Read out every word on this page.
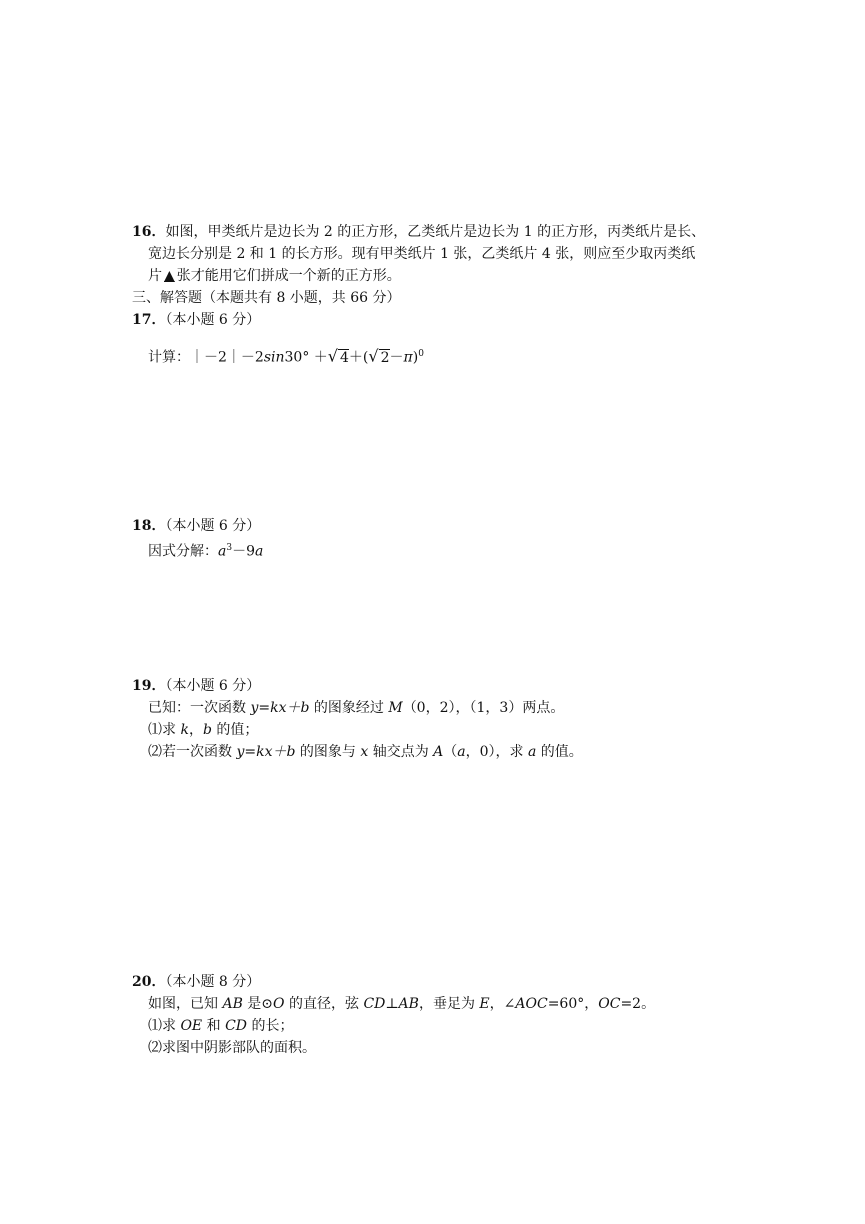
16．如图，甲类纸片是边长为 2 的正方形，乙类纸片是边长为 1 的正方形，丙类纸片是长、
宽边长分别是 2 和 1 的长方形。现有甲类纸片 1 张，乙类纸片 4 张，则应至少取丙类纸
片 ▲ 张才能用它们拼成一个新的正方形。
三、解答题（本题共有 8 小题，共 66 分）
17．（本小题 6 分）
计算：｜－2｜－2sin30° ＋√ 4＋(√ 2－π)$^0$
18．（本小题 6 分）
因式分解：$a^3-9a$
19．（本小题 6 分）
已知：一次函数 y=kx＋b 的图象经过 M（0，2），（1，3）两点。
⑴求 k，b 的值；
⑵若一次函数 y=kx＋b 的图象与 x 轴交点为 A（a，0），求 a 的值。
20．（本小题 8 分）
如图，已知 AB 是⊙O 的直径，弦 CD⊥AB，垂足为 E，∠AOC=60°，OC=2。
⑴求 OE 和 CD 的长；
⑵求图中阴影部队的面积。
